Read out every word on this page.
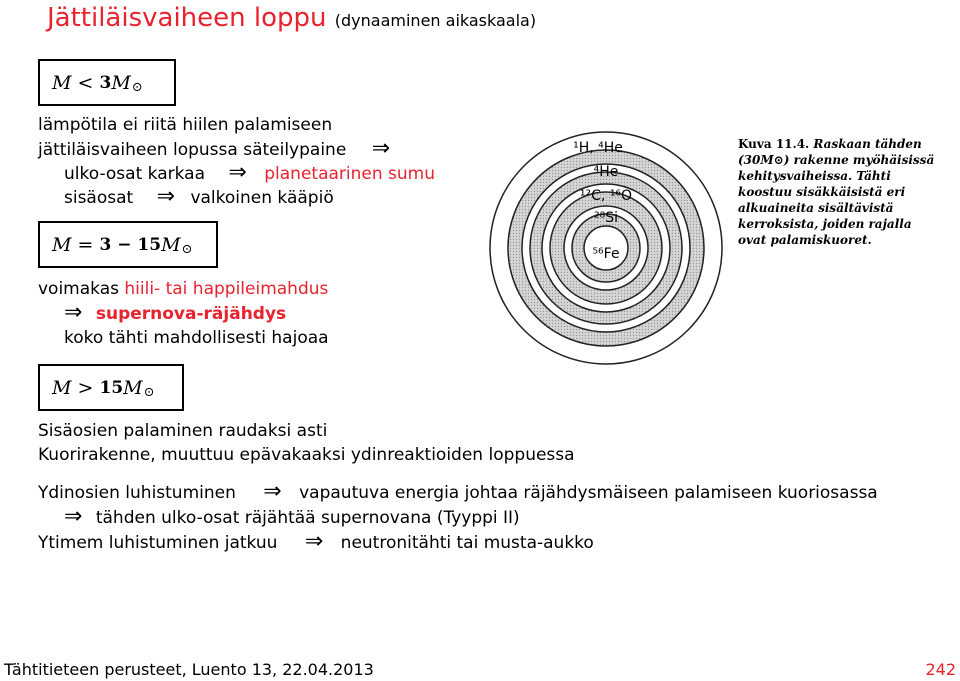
Jättiläisvaiheen loppu (dynaaminen aikaskaala)
M
<
3 M ⊙
lämpötila ei riitä hiilen palamiseen
jättiläisvaiheen lopussa säteilypaine ⇒
ulko-osat karkaa ⇒ planetaarinen sumu
sisäosat ⇒ valkoinen kääpiö
M
=
3 − 15 M ⊙
voimakas hiili- tai happileimahdus
⇒ supernova-räjähdys
koko tähti mahdollisesti hajoaa
M
>
15 M ⊙
Sisäosien palaminen raudaksi asti
Kuorirakenne, muuttuu epävakaaksi ydinreaktioiden loppuessa
Ydinosien luhistuminen ⇒ vapautuva energia johtaa räjähdysmäiseen palamiseen kuoriosassa
⇒ tähden ulko-osat räjähtää supernovana (Tyyppi II)
Ytimem luhistuminen jatkuu ⇒ neutronitähti tai musta-aukko
¹H, ⁴He
⁴He
¹²C, ¹⁶O
²⁸Si
⁵⁶Fe
Kuva 11.4. Raskaan tähden (30M⊙) rakenne myöhäisissä kehitysvaiheissa. Tähti koostuu sisäkkäisistä eri alkuaineita sisältävistä kerroksista, joiden rajalla ovat palamiskuoret.
Tähtitieteen perusteet, Luento 13, 22.04.2013	242
